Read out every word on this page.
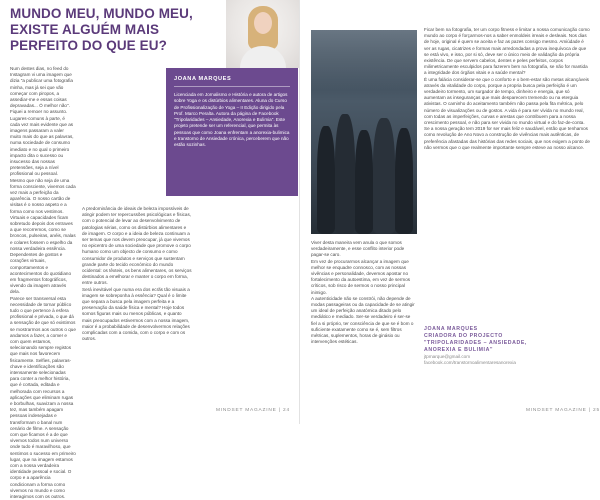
MUNDO MEU, MUNDO MEU, EXISTE ALGUÉM MAIS PERFEITO DO QUE EU?

JOANA MARQUES

Licenciada em Jornalismo e História e autora de artigos sobre Yoga e os distúrbios alimentares. Aluna do Curso de Profissionalização de Yoga – II Edição dirigido pela Prof. Marco Peralta. Autora da página de Facebook "Tripolaridades – Ansiedade, Anorexia e Bulimia". Este projeto pretende ser um referencial, que permita às pessoas que como Joana enfrentam a anorexia-bulimica e transtorno de Ansiedade crónica, perceberem que não estão sozinhas.

Num destes dias, no feed do Instagram vi uma imagem que dizia "a publicar uma fotografia minha, mas já sei que vão começar com piropos, a assediar-me e essas coisas depravadas... Ó melhor não". Fiquei a remoer no assunto. Lugares-comuns à parte, é cada vez mais evidente que as imagens passaram a valer muito mais do que as palavras, numa sociedade de consumo imediato e no qual o primeiro impacto dita o sucesso ou insucesso das nossas pretensões, seja a nível profissional ou pessoal.
Mesmo que não seja de uma forma consciente, vivemos cada vez mais a perfeição da aparência. O nosso cartão de visitas é o nosso aspeto e a forma como nos vestimos. Virtuais e capacidades ficam sobretudo depois dos entraves a que recorremos, como se broncos, pulseiras, anéis, malas e colares fossem o espelho da nossa verdadeira essência. Dependentes de gostos e corações virtuais, comportamentos e acontecimentos do quotidiano em fragmentos fotográficos, vivendo da imagem através dela.
Parece ser transversal esta necessidade de tornar público tudo o que pertence à esfera profissional e privada, o que dá a sensação de que só existimos se mostrarmos aos outros o que andamos a fazer, a comer e com quem estamos, selecionando sempre registos que mais nos favorecem fisicamente. Selfies, palavras-chave e identificações são intensamente selecionadas para conter a melhor história, que é cortada, editada e melhorada com recursos a aplicações que eliminam rugas e borbulhas, suavizam a nossa tez, mas também apagam pessoas indesejadas e transformam o banal num cenário de filme. A sensação com que ficamos é a de que vivemos todos num universo onde tudo é maravilhoso, que sentimos o sucesso em primeiro lugar, que na imagem estamos com a nossa verdadeira identidade pessoal e social. O corpo e a aparência condicionam a forma como vivemos no mundo e como interagimos com os outros.

A predominância de ideais de beleza impossíveis de atingir podem ter repercussões psicológicas e físicas, com o potencial de levar ao desenvolvimento de patologias sérias, como os distúrbios alimentares e de imagem. O corpo e a ideia de beleza continuam a ser temas que nos devem preocupar, já que vivemos no epicentro de uma sociedade que promove o corpo humano como um objecto de consumo e como consumidor de produtos e serviços que sustentam grande parte do tecido económico do mundo ocidental: os têxteis, os bens alimentares, os serviços destinados a emelhorar e manter o corpo em forma, entre outros.
Será inevitável que numa era dos ecrãs tão visuais a imagem se sobreponha à essência? Qual é o limite que separa a busca pela imagem perfeita e a preservação da saúde física e mental? Hoje todos somos figuras mais ou menos públicas, e quanto mais preocupados estivermos com a nossa imagem, maior é a probabilidade de desenvolvermos relações complicadas com a comida, com o corpo e com os outros.

MINDSET MAGAZINE | 24

Viver desta maneira vem anula o que somos verdadeiramente, e esse conflito interior pode pagar-se caro.
Em vez de procurarmos alcançar a imagem que melhor se enquadre connosco, com as nossas vivências e personalidade, devemos apostar no fortalecimento da autoestima, em vez de sermos críticos, sob risco de sermos o nosso principal inimigo.
A autenticidade não se constrói, não depende de modas passageiras ou da capacidade de se atingir um ideal de perfeição anatómica ditado pelo mediático e mediado. Ser-se verdadeiro é ser-se fiel a si próprio, ter consciência de que se é bom o suficiente exatamente como se é, sem filtros métricas, suplementos, horas de ginásio ou intervenções estéticas.

Ficar bem na fotografia, ter um corpo fitness e limitar a nossa comunicação como mundo ao corpo é forçarmos-nos a saber enmoldeis irreais e desleais. Nos dias de hoje, original é quem se aceita e faz as pazes consigo mesmo. Amiúdade é ver as rugas, cicatrizes e formas mais arredondadas a prova inequívoca de que se está vivo, e isso, por si só, deve ser o único meio de validação da própria existência. De que servem cabelos, dentes e peles perfeitos, corpos milimetricamente esculpidos para fazerem bem na fotografia, se não for mantida a integridade dos órgãos vitais e a saúde mental?
É uma falácia considerar-se que o conforto e o bem-estar são metas alcançáveis através da vitalidade do corpo, porque a propria busca pela perfeição é um verdadeiro tormento, um surgador de tempo, dinheiro e energia, que só aumentam as inseguranças que mais desparecem tremendo ou na eterguia ativistas. O caminho do aceitamento também não passa pela fita métrica, pelo número de visualizações ou de gostos. A vida é para ser vivida no mundo real, com todas as imperfeições, curvas e arestas que contribuem para a nossa crescimento pessoal, e não para ser vivida no mundo virtual e do faz-de-conta. Se a nossa geração tem 2019 for ser mais feliz e saudável, então que tenhamos como revolução de Ano Novo a construção de vivências mais autênticas, de preferência afastadas das histórias das redes sociais, que nos exigem a ponto de não vermos que o que realmente importante sempre esteve ao nosso alcance.

JOANA MARQUES

CRIADORA DO PROJECTO
"TRIPOLARIDADES – ANSIEDADE,
ANOREXIA E BULIMIA"

jtpmarque@gmail.com

facebook.com/transtornoalimentaresanorexia

MINDSET MAGAZINE | 25
